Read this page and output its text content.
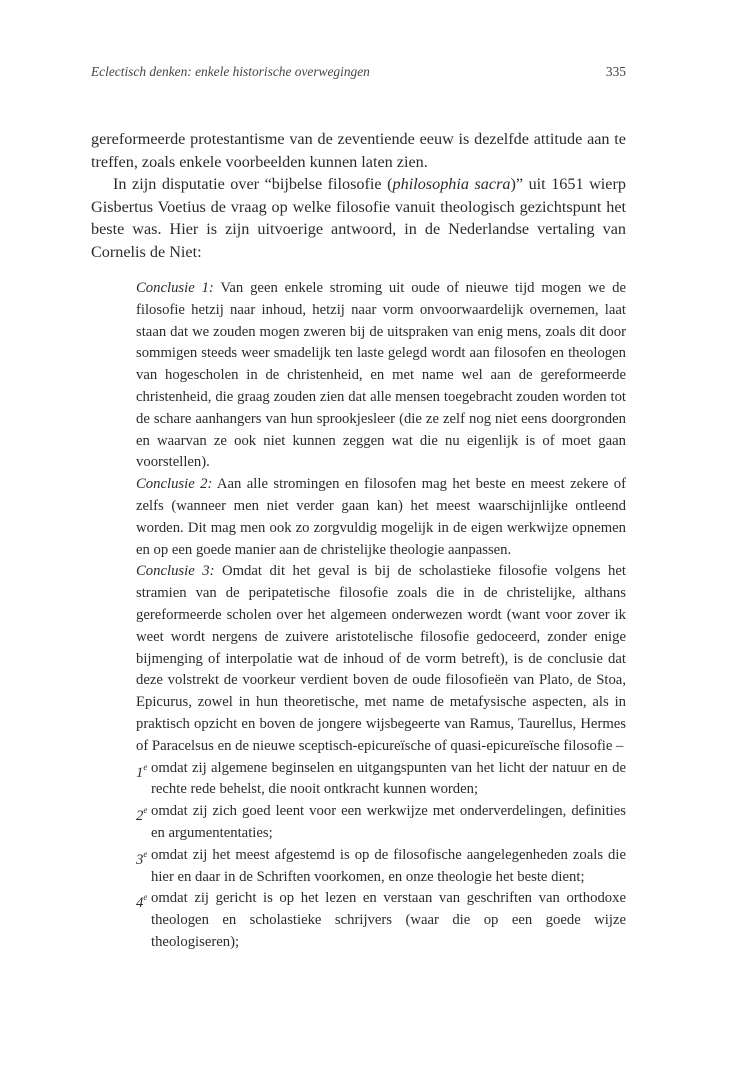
Eclectisch denken: enkele historische overwegingen	335

gereformeerde protestantisme van de zeventiende eeuw is dezelfde attitude aan te treffen, zoals enkele voorbeelden kunnen laten zien.

In zijn disputatie over “bijbelse filosofie (philosophia sacra)” uit 1651 wierp Gisbertus Voetius de vraag op welke filosofie vanuit theologisch gezichtspunt het beste was. Hier is zijn uitvoerige antwoord, in de Nederlandse vertaling van Cornelis de Niet:

Conclusie 1: Van geen enkele stroming uit oude of nieuwe tijd mogen we de filosofie hetzij naar inhoud, hetzij naar vorm onvoorwaardelijk overnemen, laat staan dat we zouden mogen zweren bij de uitspraken van enig mens, zoals dit door sommigen steeds weer smadelijk ten laste gelegd wordt aan filosofen en theologen van hogescholen in de christenheid, en met name wel aan de gereformeerde christenheid, die graag zouden zien dat alle mensen toegebracht zouden worden tot de schare aanhangers van hun sprookjesleer (die ze zelf nog niet eens doorgronden en waarvan ze ook niet kunnen zeggen wat die nu eigenlijk is of moet gaan voorstellen).

Conclusie 2: Aan alle stromingen en filosofen mag het beste en meest zekere of zelfs (wanneer men niet verder gaan kan) het meest waarschijnlijke ontleend worden. Dit mag men ook zo zorgvuldig mogelijk in de eigen werkwijze opnemen en op een goede manier aan de christelijke theologie aanpassen.

Conclusie 3: Omdat dit het geval is bij de scholastieke filosofie volgens het stramien van de peripatetische filosofie zoals die in de christelijke, althans gereformeerde scholen over het algemeen onderwezen wordt (want voor zover ik weet wordt nergens de zuivere aristotelische filosofie gedoceerd, zonder enige bijmenging of interpolatie wat de inhoud of de vorm betreft), is de conclusie dat deze volstrekt de voorkeur verdient boven de oude filosofieën van Plato, de Stoa, Epicurus, zowel in hun theoretische, met name de metafysische aspecten, als in praktisch opzicht en boven de jongere wijsbegeerte van Ramus, Taurellus, Hermes of Paracelsus en de nieuwe sceptisch-epicureïsche of quasi-epicureïsche filosofie –

1e omdat zij algemene beginselen en uitgangspunten van het licht der natuur en de rechte rede behelst, die nooit ontkracht kunnen worden;
2e omdat zij zich goed leent voor een werkwijze met onderverdelingen, definities en argumententaties;
3e omdat zij het meest afgestemd is op de filosofische aangelegenheden zoals die hier en daar in de Schriften voorkomen, en onze theologie het beste dient;
4e omdat zij gericht is op het lezen en verstaan van geschriften van orthodoxe theologen en scholastieke schrijvers (waar die op een goede wijze theologiseren);
